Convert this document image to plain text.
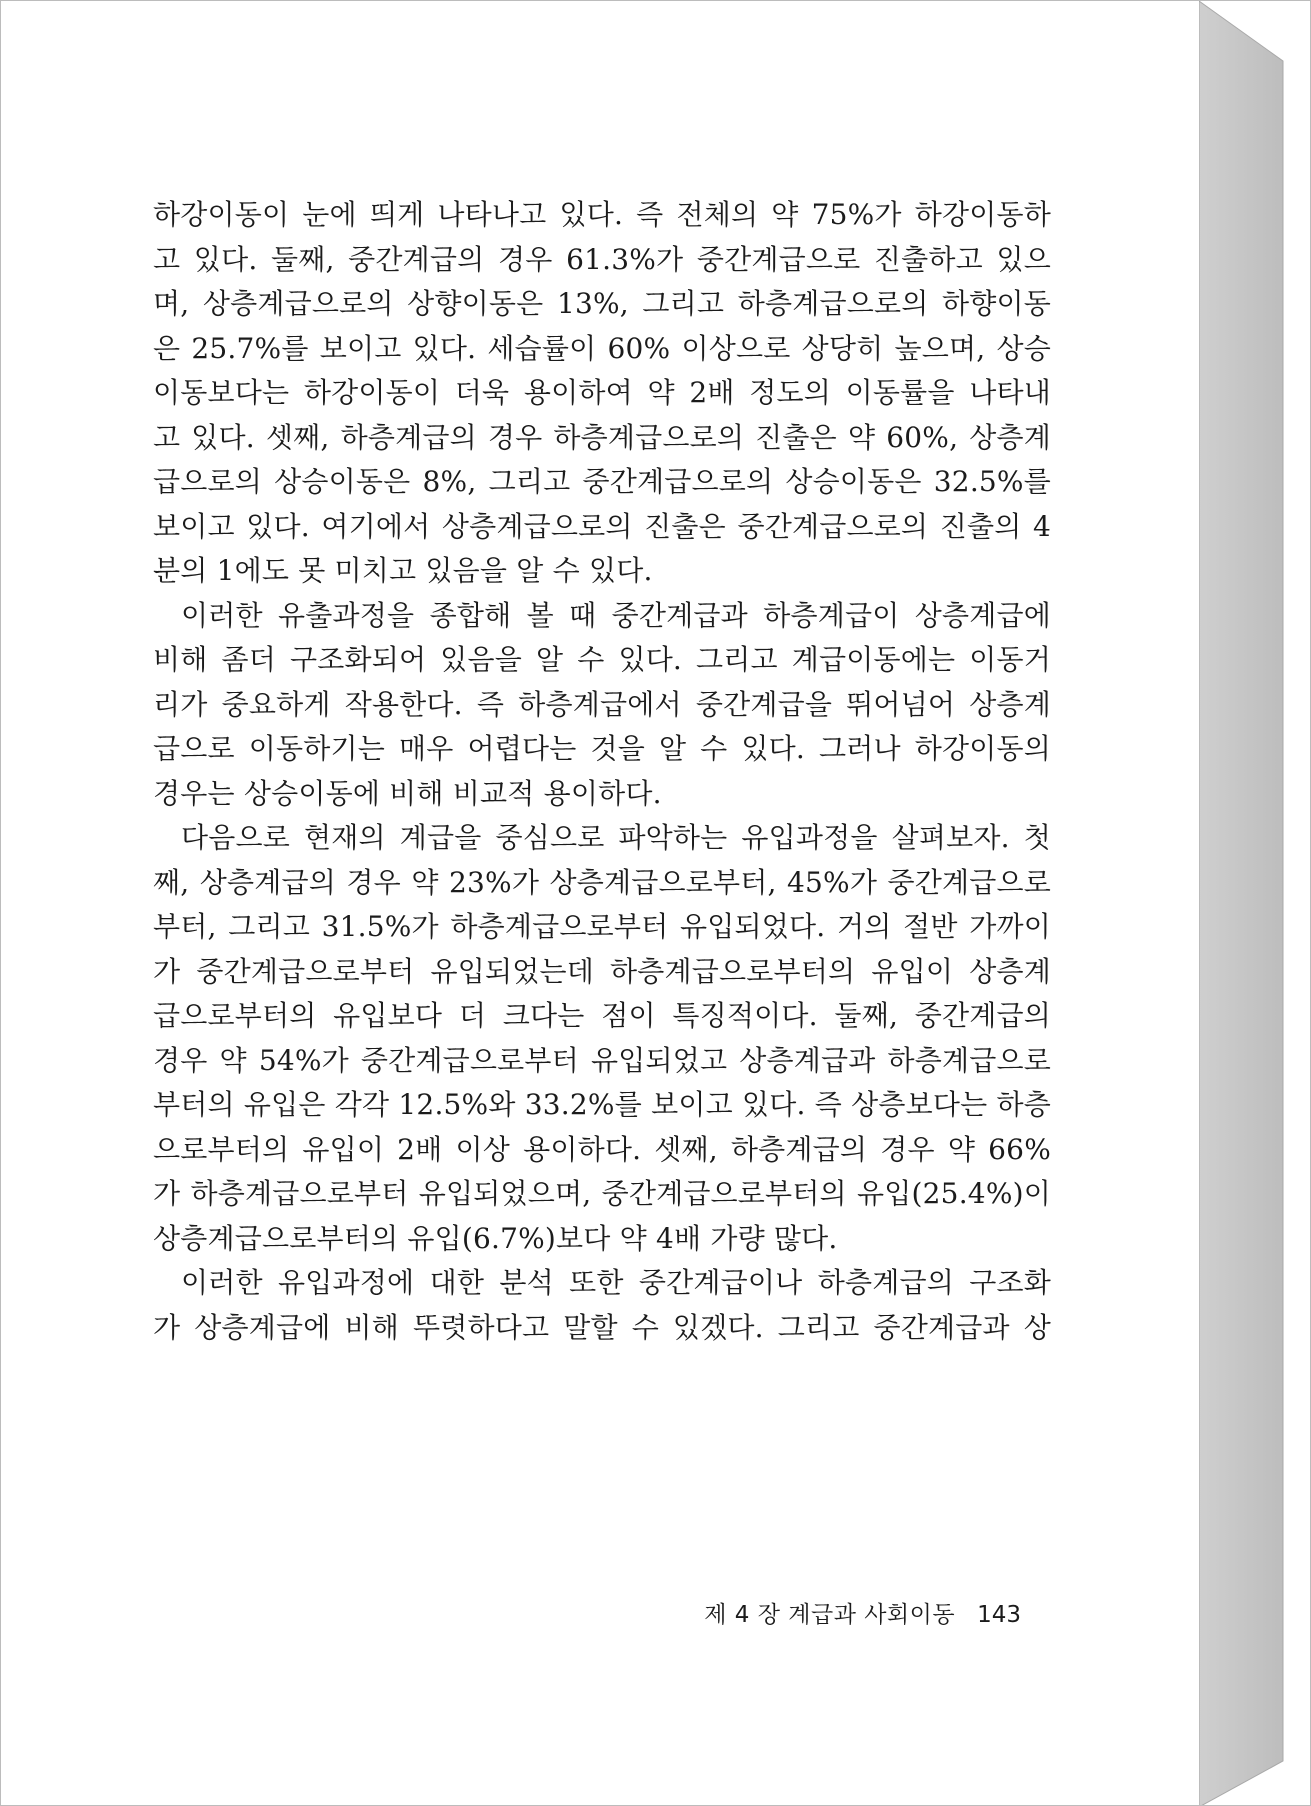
하강이동이 눈에 띄게 나타나고 있다. 즉 전체의 약 75%가 하강이동하
고 있다. 둘째, 중간계급의 경우 61.3%가 중간계급으로 진출하고 있으
며, 상층계급으로의 상향이동은 13%, 그리고 하층계급으로의 하향이동
은 25.7%를 보이고 있다. 세습률이 60% 이상으로 상당히 높으며, 상승
이동보다는 하강이동이 더욱 용이하여 약 2배 정도의 이동률을 나타내
고 있다. 셋째, 하층계급의 경우 하층계급으로의 진출은 약 60%, 상층계
급으로의 상승이동은 8%, 그리고 중간계급으로의 상승이동은 32.5%를
보이고 있다. 여기에서 상층계급으로의 진출은 중간계급으로의 진출의 4
분의 1에도 못 미치고 있음을 알 수 있다.
이러한 유출과정을 종합해 볼 때 중간계급과 하층계급이 상층계급에
비해 좀더 구조화되어 있음을 알 수 있다. 그리고 계급이동에는 이동거
리가 중요하게 작용한다. 즉 하층계급에서 중간계급을 뛰어넘어 상층계
급으로 이동하기는 매우 어렵다는 것을 알 수 있다. 그러나 하강이동의
경우는 상승이동에 비해 비교적 용이하다.
다음으로 현재의 계급을 중심으로 파악하는 유입과정을 살펴보자. 첫
째, 상층계급의 경우 약 23%가 상층계급으로부터, 45%가 중간계급으로
부터, 그리고 31.5%가 하층계급으로부터 유입되었다. 거의 절반 가까이
가 중간계급으로부터 유입되었는데 하층계급으로부터의 유입이 상층계
급으로부터의 유입보다 더 크다는 점이 특징적이다. 둘째, 중간계급의
경우 약 54%가 중간계급으로부터 유입되었고 상층계급과 하층계급으로
부터의 유입은 각각 12.5%와 33.2%를 보이고 있다. 즉 상층보다는 하층
으로부터의 유입이 2배 이상 용이하다. 셋째, 하층계급의 경우 약 66%
가 하층계급으로부터 유입되었으며, 중간계급으로부터의 유입(25.4%)이
상층계급으로부터의 유입(6.7%)보다 약 4배 가량 많다.
이러한 유입과정에 대한 분석 또한 중간계급이나 하층계급의 구조화
가 상층계급에 비해 뚜렷하다고 말할 수 있겠다. 그리고 중간계급과 상
제 4 장 계급과 사회이동 143
